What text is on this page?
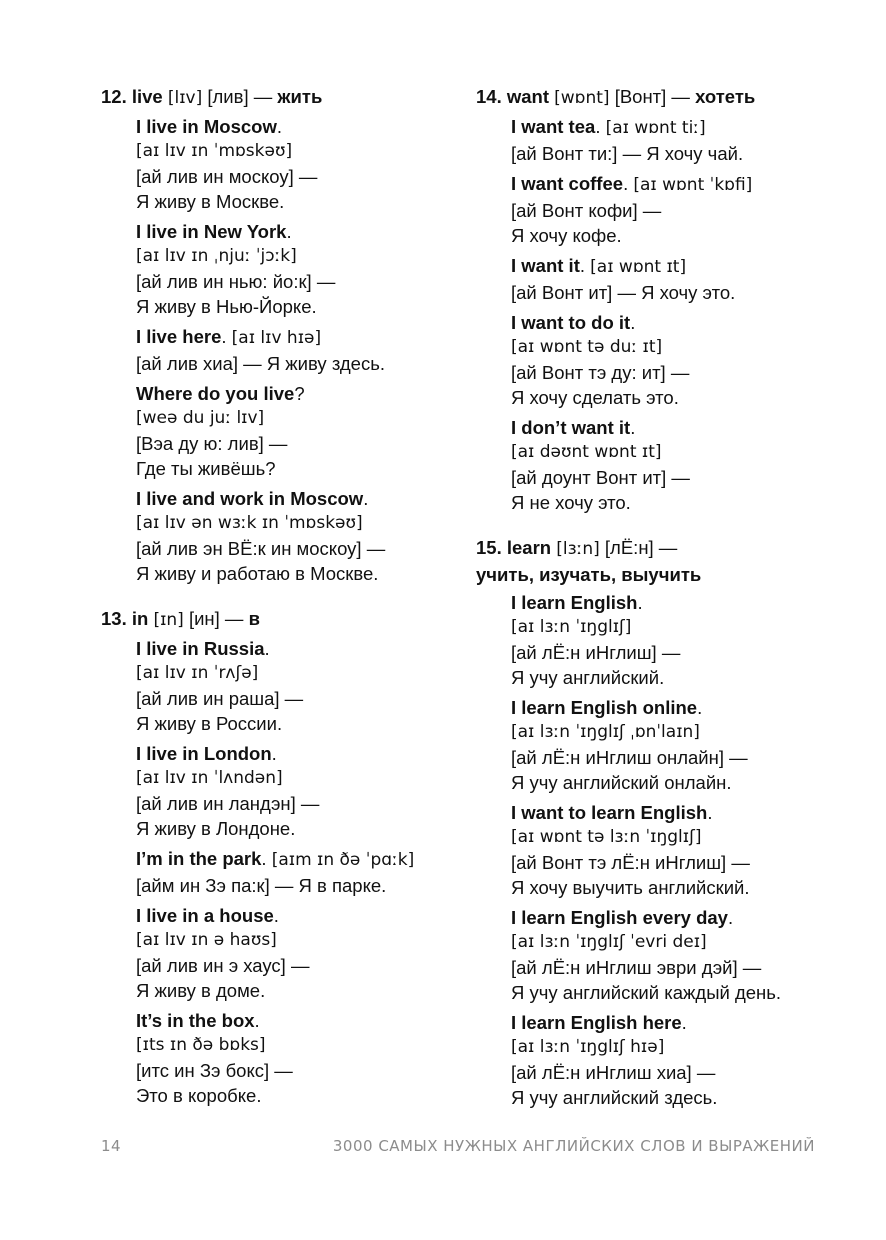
12. live [lɪv] [лив] — жить
I live in Moscow.
[aɪ lɪv ɪn ˈmɒskəʊ]
[ай лив ин москоу] —
Я живу в Москве.
I live in New York.
[aɪ lɪv ɪn ˌnjuː ˈjɔːk]
[ай лив ин нью: йо:к] —
Я живу в Нью-Йорке.
I live here. [aɪ lɪv hɪə]
[ай лив хиа] — Я живу здесь.
Where do you live?
[weə du juː lɪv]
[Вэа ду ю: лив] —
Где ты живёшь?
I live and work in Moscow.
[aɪ lɪv ən wɜːk ɪn ˈmɒskəʊ]
[ай лив эн ВЁ:к ин москоу] —
Я живу и работаю в Москве.
13. in [ɪn] [ин] — в
I live in Russia.
[aɪ lɪv ɪn ˈrʌʃə]
[ай лив ин раша] —
Я живу в России.
I live in London.
[aɪ lɪv ɪn ˈlʌndən]
[ай лив ин ландэн] —
Я живу в Лондоне.
I’m in the park. [aɪm ɪn ðə ˈpɑːk]
[айм ин Зэ па:к] — Я в парке.
I live in a house.
[aɪ lɪv ɪn ə haʊs]
[ай лив ин э хаус] —
Я живу в доме.
It’s in the box.
[ɪts ɪn ðə bɒks]
[итс ин Зэ бокс] —
Это в коробке.
14. want [wɒnt] [Вонт] — хотеть
I want tea. [aɪ wɒnt tiː]
[ай Вонт ти:] — Я хочу чай.
I want coffee. [aɪ wɒnt ˈkɒfi]
[ай Вонт кофи] —
Я хочу кофе.
I want it. [aɪ wɒnt ɪt]
[ай Вонт ит] — Я хочу это.
I want to do it.
[aɪ wɒnt tə duː ɪt]
[ай Вонт тэ ду: ит] —
Я хочу сделать это.
I don’t want it.
[aɪ dəʊnt wɒnt ɪt]
[ай доунт Вонт ит] —
Я не хочу это.
15. learn [lɜːn] [лЁ:н] —
учить, изучать, выучить
I learn English.
[aɪ lɜːn ˈɪŋglɪʃ]
[ай лЁ:н иНглиш] —
Я учу английский.
I learn English online.
[aɪ lɜːn ˈɪŋglɪʃ ˌɒnˈlaɪn]
[ай лЁ:н иНглиш онлайн] —
Я учу английский онлайн.
I want to learn English.
[aɪ wɒnt tə lɜːn ˈɪŋglɪʃ]
[ай Вонт тэ лЁ:н иНглиш] —
Я хочу выучить английский.
I learn English every day.
[aɪ lɜːn ˈɪŋglɪʃ ˈevri deɪ]
[ай лЁ:н иНглиш эври дэй] —
Я учу английский каждый день.
I learn English here.
[aɪ lɜːn ˈɪŋglɪʃ hɪə]
[ай лЁ:н иНглиш хиа] —
Я учу английский здесь.
14	3000 САМЫХ НУЖНЫХ АНГЛИЙСКИХ СЛОВ И ВЫРАЖЕНИЙ
